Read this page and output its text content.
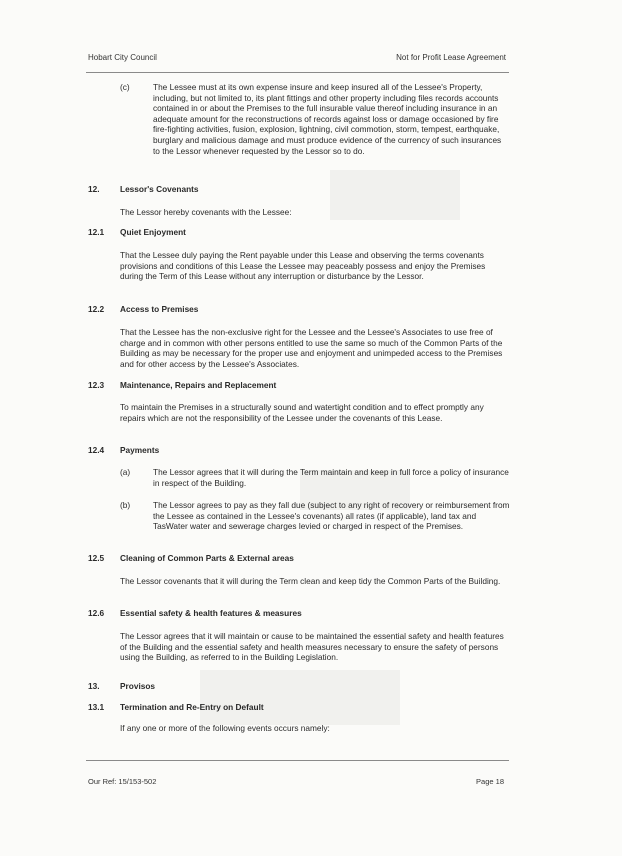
Hobart City Council	Not for Profit Lease Agreement
(c)	The Lessee must at its own expense insure and keep insured all of the Lessee's Property, including, but not limited to, its plant fittings and other property including files records accounts contained in or about the Premises to the full insurable value thereof including insurance in an adequate amount for the reconstructions of records against loss or damage occasioned by fire fire-fighting activities, fusion, explosion, lightning, civil commotion, storm, tempest, earthquake, burglary and malicious damage and must produce evidence of the currency of such insurances to the Lessor whenever requested by the Lessor so to do.
12. Lessor's Covenants
The Lessor hereby covenants with the Lessee:
12.1 Quiet Enjoyment
That the Lessee duly paying the Rent payable under this Lease and observing the terms covenants provisions and conditions of this Lease the Lessee may peaceably possess and enjoy the Premises during the Term of this Lease without any interruption or disturbance by the Lessor.
12.2 Access to Premises
That the Lessee has the non-exclusive right for the Lessee and the Lessee's Associates to use free of charge and in common with other persons entitled to use the same so much of the Common Parts of the Building as may be necessary for the proper use and enjoyment and unimpeded access to the Premises and for other access by the Lessee's Associates.
12.3 Maintenance, Repairs and Replacement
To maintain the Premises in a structurally sound and watertight condition and to effect promptly any repairs which are not the responsibility of the Lessee under the covenants of this Lease.
12.4 Payments
(a)	The Lessor agrees that it will during the Term maintain and keep in full force a policy of insurance in respect of the Building.
(b)	The Lessor agrees to pay as they fall due (subject to any right of recovery or reimbursement from the Lessee as contained in the Lessee's covenants) all rates (if applicable), land tax and TasWater water and sewerage charges levied or charged in respect of the Premises.
12.5 Cleaning of Common Parts & External areas
The Lessor covenants that it will during the Term clean and keep tidy the Common Parts of the Building.
12.6 Essential safety & health features & measures
The Lessor agrees that it will maintain or cause to be maintained the essential safety and health features of the Building and the essential safety and health measures necessary to ensure the safety of persons using the Building, as referred to in the Building Legislation.
13. Provisos
13.1 Termination and Re-Entry on Default
If any one or more of the following events occurs namely:
Our Ref: 15/153-502	Page 18
